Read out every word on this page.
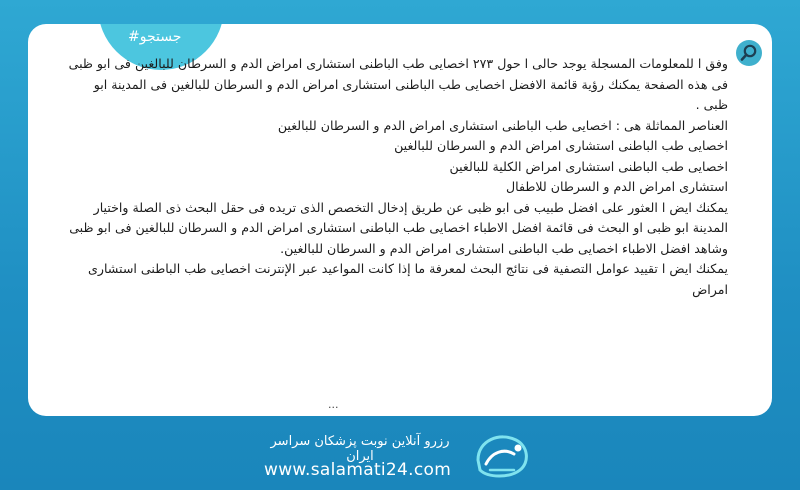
#جستجو

وفق ا للمعلومات المسجلة يوجد حالى ا حول ٢٧٣ اخصایی طب الباطنی استشاری امراض الدم و السرطان للبالغین فی ابو ظبی فی هذه الصفحة یمكنك رؤیة قائمة الافضل اخصایی طب الباطنی استشاری امراض الدم و السرطان للبالغین فی المدینة ابو ظبی .

العناصر المماثلة هی : اخصایی طب الباطنی استشاری امراض الدم و السرطان للبالغین

اخصایی طب الباطنی استشاری امراض الدم و السرطان للبالغین

اخصایی طب الباطنی استشاری امراض الكلیة للبالغین

استشاری امراض الدم و السرطان للاطفال

یمكنك ایض ا العثور علی افضل طبیب فی ابو ظبی عن طریق إدخال التخصص الذی تریده فی حقل البحث ذی الصلة واختیار المدینة ابو ظبی او البحث فی قائمة افضل الاطباء اخصایی طب الباطنی استشاری امراض الدم و السرطان للبالغین فی ابو ظبی وشاهد افضل الاطباء اخصایی طب الباطنی استشاری امراض الدم و السرطان للبالغین.

یمكنك ایض ا تقیید عوامل التصفیة فی نتائج البحث لمعرفة ما إذا كانت المواعید عبر الإنترنت اخصایی طب الباطنی استشاری امراض

...
رزرو آنلاین نوبت پزشکان سراسر ایران
www.salamati24.com
